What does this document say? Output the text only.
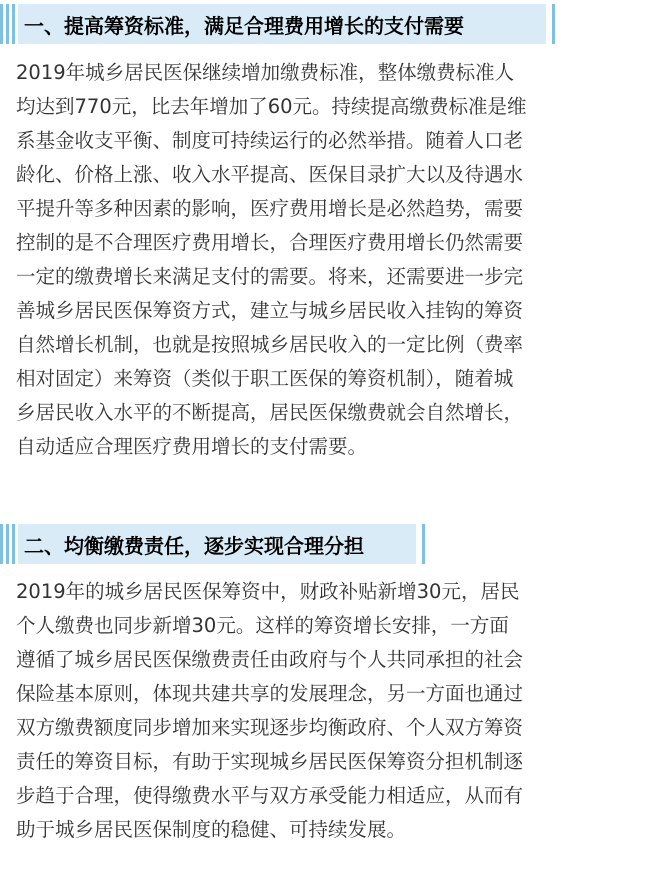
一、提高筹资标准，满足合理费用增长的支付需要
2019年城乡居民医保继续增加缴费标准，整体缴费标准人
均达到770元，比去年增加了60元。持续提高缴费标准是维
系基金收支平衡、制度可持续运行的必然举措。随着人口老
龄化、价格上涨、收入水平提高、医保目录扩大以及待遇水
平提升等多种因素的影响，医疗费用增长是必然趋势，需要
控制的是不合理医疗费用增长，合理医疗费用增长仍然需要
一定的缴费增长来满足支付的需要。将来，还需要进一步完
善城乡居民医保筹资方式，建立与城乡居民收入挂钩的筹资
自然增长机制，也就是按照城乡居民收入的一定比例（费率
相对固定）来筹资（类似于职工医保的筹资机制），随着城
乡居民收入水平的不断提高，居民医保缴费就会自然增长，
自动适应合理医疗费用增长的支付需要。
二、均衡缴费责任，逐步实现合理分担
2019年的城乡居民医保筹资中，财政补贴新增30元，居民
个人缴费也同步新增30元。这样的筹资增长安排，一方面
遵循了城乡居民医保缴费责任由政府与个人共同承担的社会
保险基本原则，体现共建共享的发展理念，另一方面也通过
双方缴费额度同步增加来实现逐步均衡政府、个人双方筹资
责任的筹资目标，有助于实现城乡居民医保筹资分担机制逐
步趋于合理，使得缴费水平与双方承受能力相适应，从而有
助于城乡居民医保制度的稳健、可持续发展。
